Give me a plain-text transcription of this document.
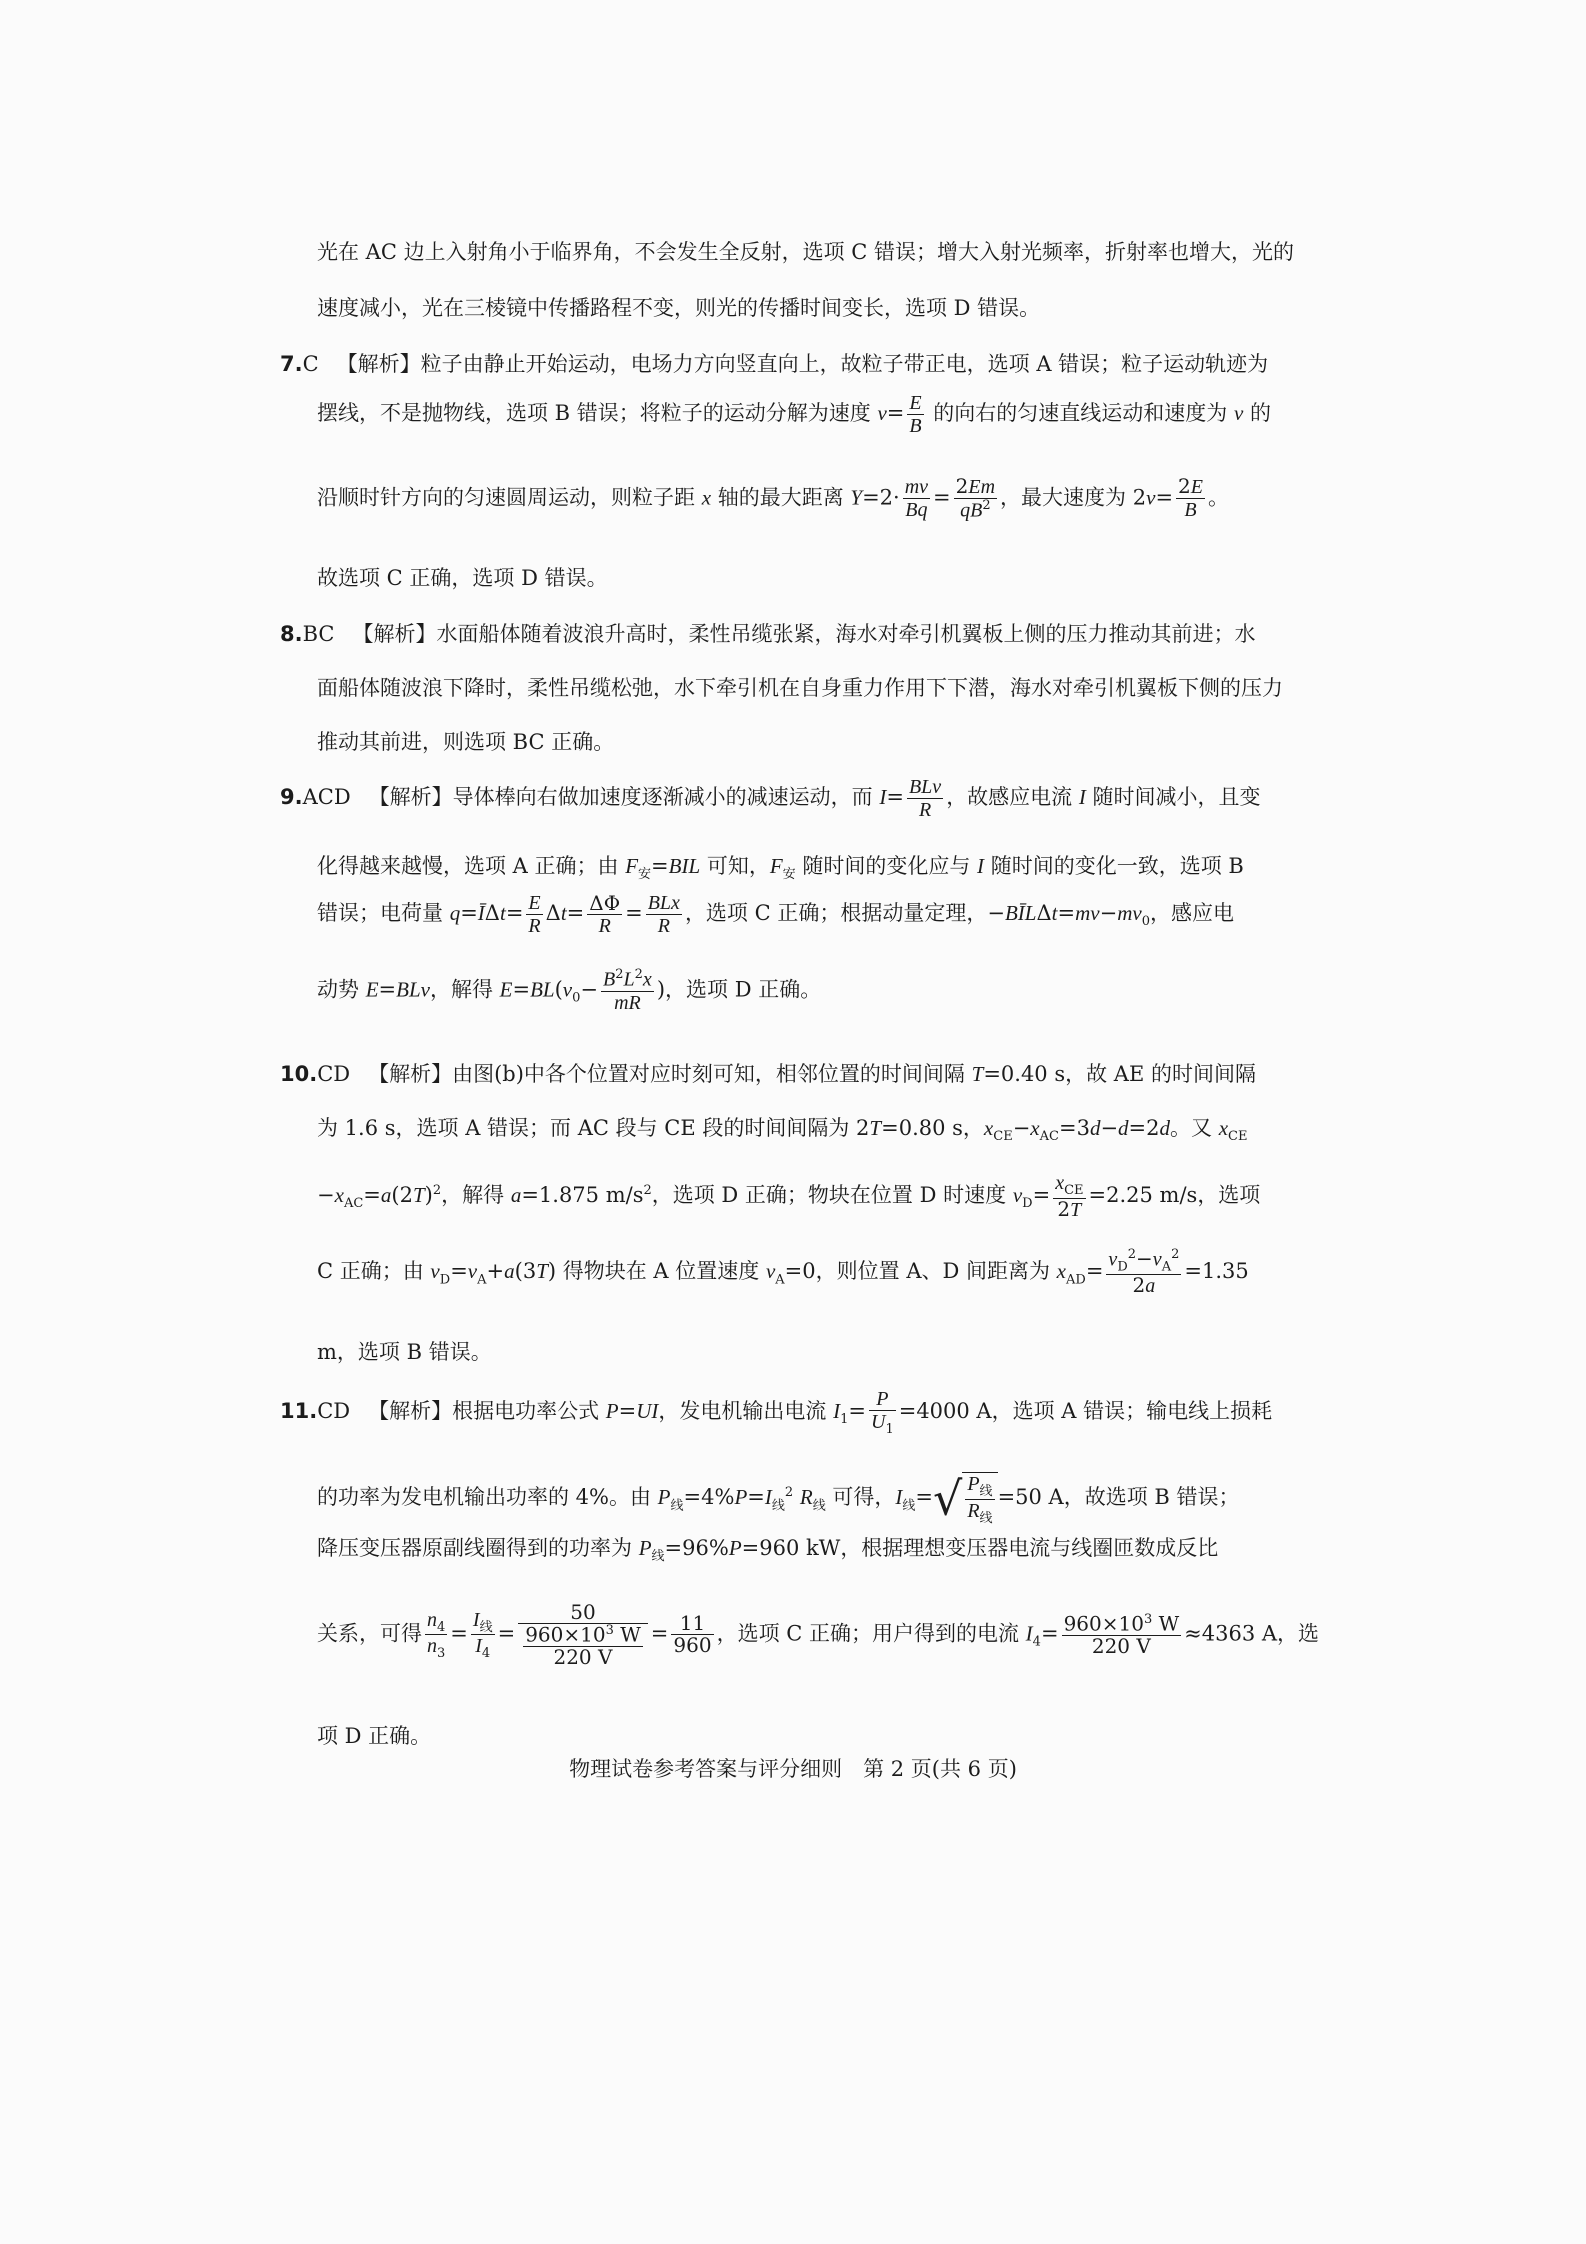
光在 AC 边上入射角小于临界角，不会发生全反射，选项 C 错误；增大入射光频率，折射率也增大，光的
速度减小，光在三棱镜中传播路程不变，则光的传播时间变长，选项 D 错误。
7.C 【解析】粒子由静止开始运动，电场力方向竖直向上，故粒子带正电，选项 A 错误；粒子运动轨迹为
摆线，不是抛物线，选项 B 错误；将粒子的运动分解为速度 $v= \frac{E}{B}$ 的向右的匀速直线运动和速度为 v 的
沿顺时针方向的匀速圆周运动，则粒子距 x 轴的最大距离 $Y=2\cdot \frac{mv}{Bq} = \frac{2Em}{qB^2}$ ，最大速度为 $2v= \frac{2E}{B}$ 。
故选项 C 正确，选项 D 错误。
8.BC 【解析】水面船体随着波浪升高时，柔性吊缆张紧，海水对牵引机翼板上侧的压力推动其前进；水
面船体随波浪下降时，柔性吊缆松弛，水下牵引机在自身重力作用下下潜，海水对牵引机翼板下侧的压力
推动其前进，则选项 BC 正确。
9.ACD 【解析】导体棒向右做加速度逐渐减小的减速运动，而 $I= \frac{\text{BLv}}{R}$ ，故感应电流 I 随时间减小，且变
化得越来越慢，选项 A 正确；由 $F_安=BIL$ 可知，$F_安$ 随时间的变化应与 I 随时间的变化一致，选项 B
错误；电荷量 q=ĪΔt= $\frac{E}{R} \Delta t= \frac{\Delta\Phi}{R} = \frac{\text{BLx}}{R}$ ，选项 C 正确；根据动量定理，$-BĪL\Delta t=mv-mv_0$，感应电
动势 E=BLv，解得 $E=BL(v_0- \frac{B^2L^2x}{mR}$ )，选项 D 正确。
10.CD 【解析】由图(b)中各个位置对应时刻可知，相邻位置的时间间隔 T=0.40 s，故 AE 的时间间隔
为 1.6 s，选项 A 错误；而 AC 段与 CE 段的时间间隔为 2T=0.80 s，$x_{CE}-x_{AC}=3d-d=2d$。又 $x_{CE}$
$-x_{AC}=a(2T)^2$，解得 a=1.875 $m/s^2$，选项 D 正确；物块在位置 D 时速度 $v_D= \frac{x_{CE}}{2T} =2.25$ m/s，选项
C 正确；由 $v_D=v_A+a(3T)$ 得物块在 A 位置速度 $v_A=0$，则位置 A、D 间距离为 $x_{AD}= \frac{v_D^2-v_A^2}{2a} =1.35$
m，选项 B 错误。
11.CD 【解析】根据电功率公式 P=UI，发电机输出电流 $I_1= \frac{P}{U_1} =4000$ A，选项 A 错误；输电线上损耗
的功率为发电机输出功率的 4%。由 $P_线=4\%P=I_线^2$ $R_线$ 可得，$I_线=√ \frac{P_线}{R_线} =50$ A，故选项 B 错误；
降压变压器原副线圈得到的功率为 $P_线=96\%P=960$ kW，根据理想变压器电流与线圈匝数成反比
关系，可得 $\frac{n_4}{n_3} = \frac{I_线}{I_4} = \frac{50}{\frac{960\times 10^3 W}{220 V}} = \frac{11}{960}$ ，选项 C 正确；用户得到的电流 $I_4= \frac{960\times 10^3 W}{220 V} \approx 4363$ A，选
项 D 正确。
物理试卷参考答案与评分细则　第 2 页(共 6 页)
